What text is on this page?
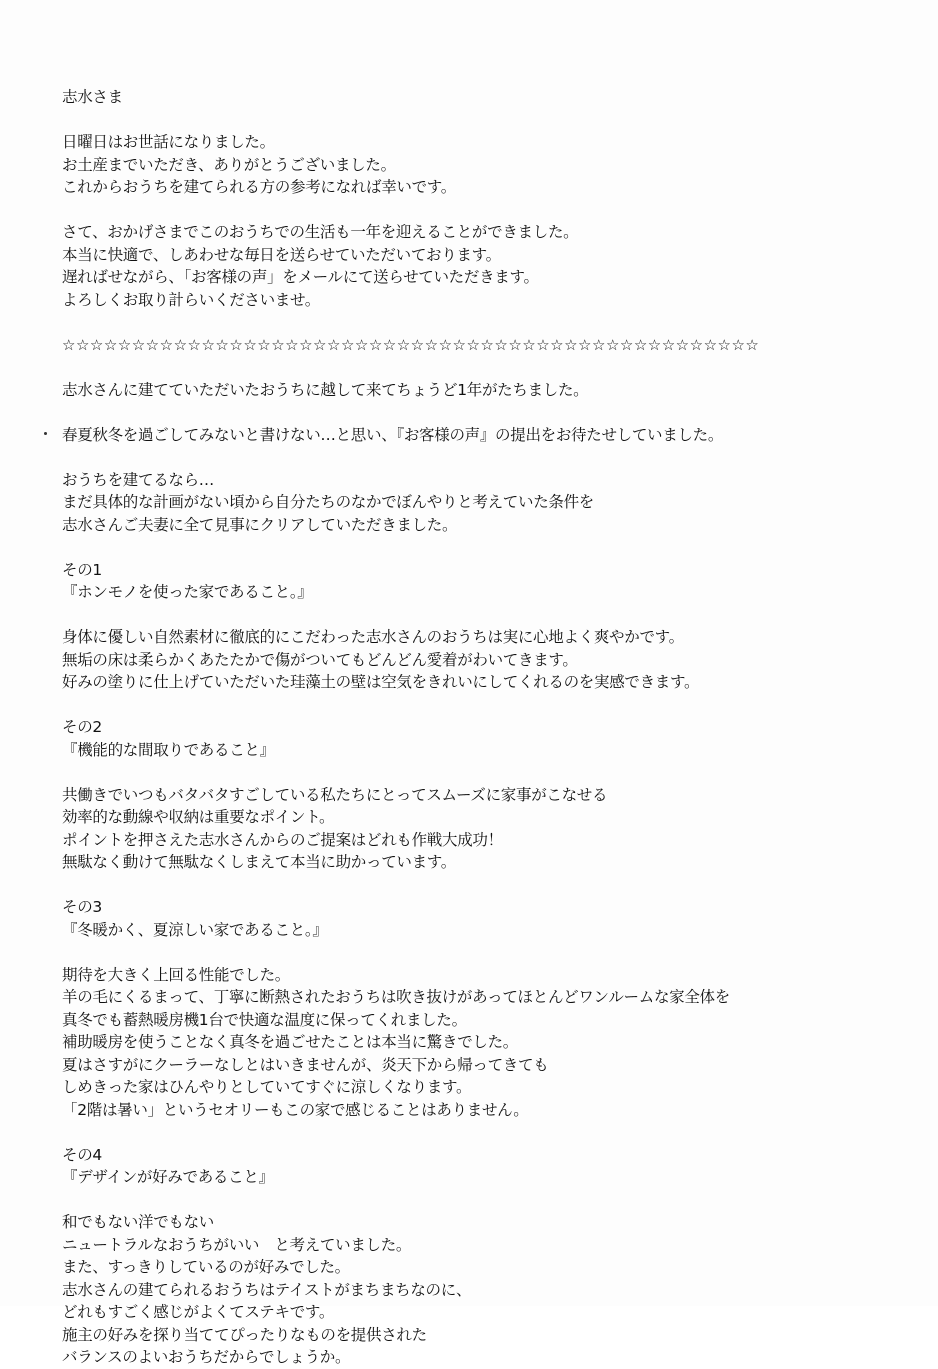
志水さま
日曜日はお世話になりました。
お土産までいただき、ありがとうございました。
これからおうちを建てられる方の参考になれば幸いです。
さて、おかげさまでこのおうちでの生活も一年を迎えることができました。
本当に快適で、しあわせな毎日を送らせていただいております。
遅ればせながら、「お客様の声」をメールにて送らせていただきます。
よろしくお取り計らいくださいませ。
☆☆☆☆☆☆☆☆☆☆☆☆☆☆☆☆☆☆☆☆☆☆☆☆☆☆☆☆☆☆☆☆☆☆☆☆☆☆☆☆☆☆☆☆☆☆☆☆☆☆
志水さんに建てていただいたおうちに越して来てちょうど1年がたちました。
春夏秋冬を過ごしてみないと書けない…と思い、『お客様の声』の提出をお待たせしていました。
おうちを建てるなら…
まだ具体的な計画がない頃から自分たちのなかでぼんやりと考えていた条件を
志水さんご夫妻に全て見事にクリアしていただきました。
その1
『ホンモノを使った家であること。』
身体に優しい自然素材に徹底的にこだわった志水さんのおうちは実に心地よく爽やかです。
無垢の床は柔らかくあたたかで傷がついてもどんどん愛着がわいてきます。
好みの塗りに仕上げていただいた珪藻土の壁は空気をきれいにしてくれるのを実感できます。
その2
『機能的な間取りであること』
共働きでいつもバタバタすごしている私たちにとってスムーズに家事がこなせる
効率的な動線や収納は重要なポイント。
ポイントを押さえた志水さんからのご提案はどれも作戦大成功！
無駄なく動けて無駄なくしまえて本当に助かっています。
その3
『冬暖かく、夏涼しい家であること。』
期待を大きく上回る性能でした。
羊の毛にくるまって、丁寧に断熱されたおうちは吹き抜けがあってほとんどワンルームな家全体を
真冬でも蓄熱暖房機1台で快適な温度に保ってくれました。
補助暖房を使うことなく真冬を過ごせたことは本当に驚きでした。
夏はさすがにクーラーなしとはいきませんが、炎天下から帰ってきても
しめきった家はひんやりとしていてすぐに涼しくなります。
「2階は暑い」というセオリーもこの家で感じることはありません。
その4
『デザインが好みであること』
和でもない洋でもない
ニュートラルなおうちがいい　と考えていました。
また、すっきりしているのが好みでした。
志水さんの建てられるおうちはテイストがまちまちなのに、
どれもすごく感じがよくてステキです。
施主の好みを探り当ててぴったりなものを提供された
バランスのよいおうちだからでしょうか。
